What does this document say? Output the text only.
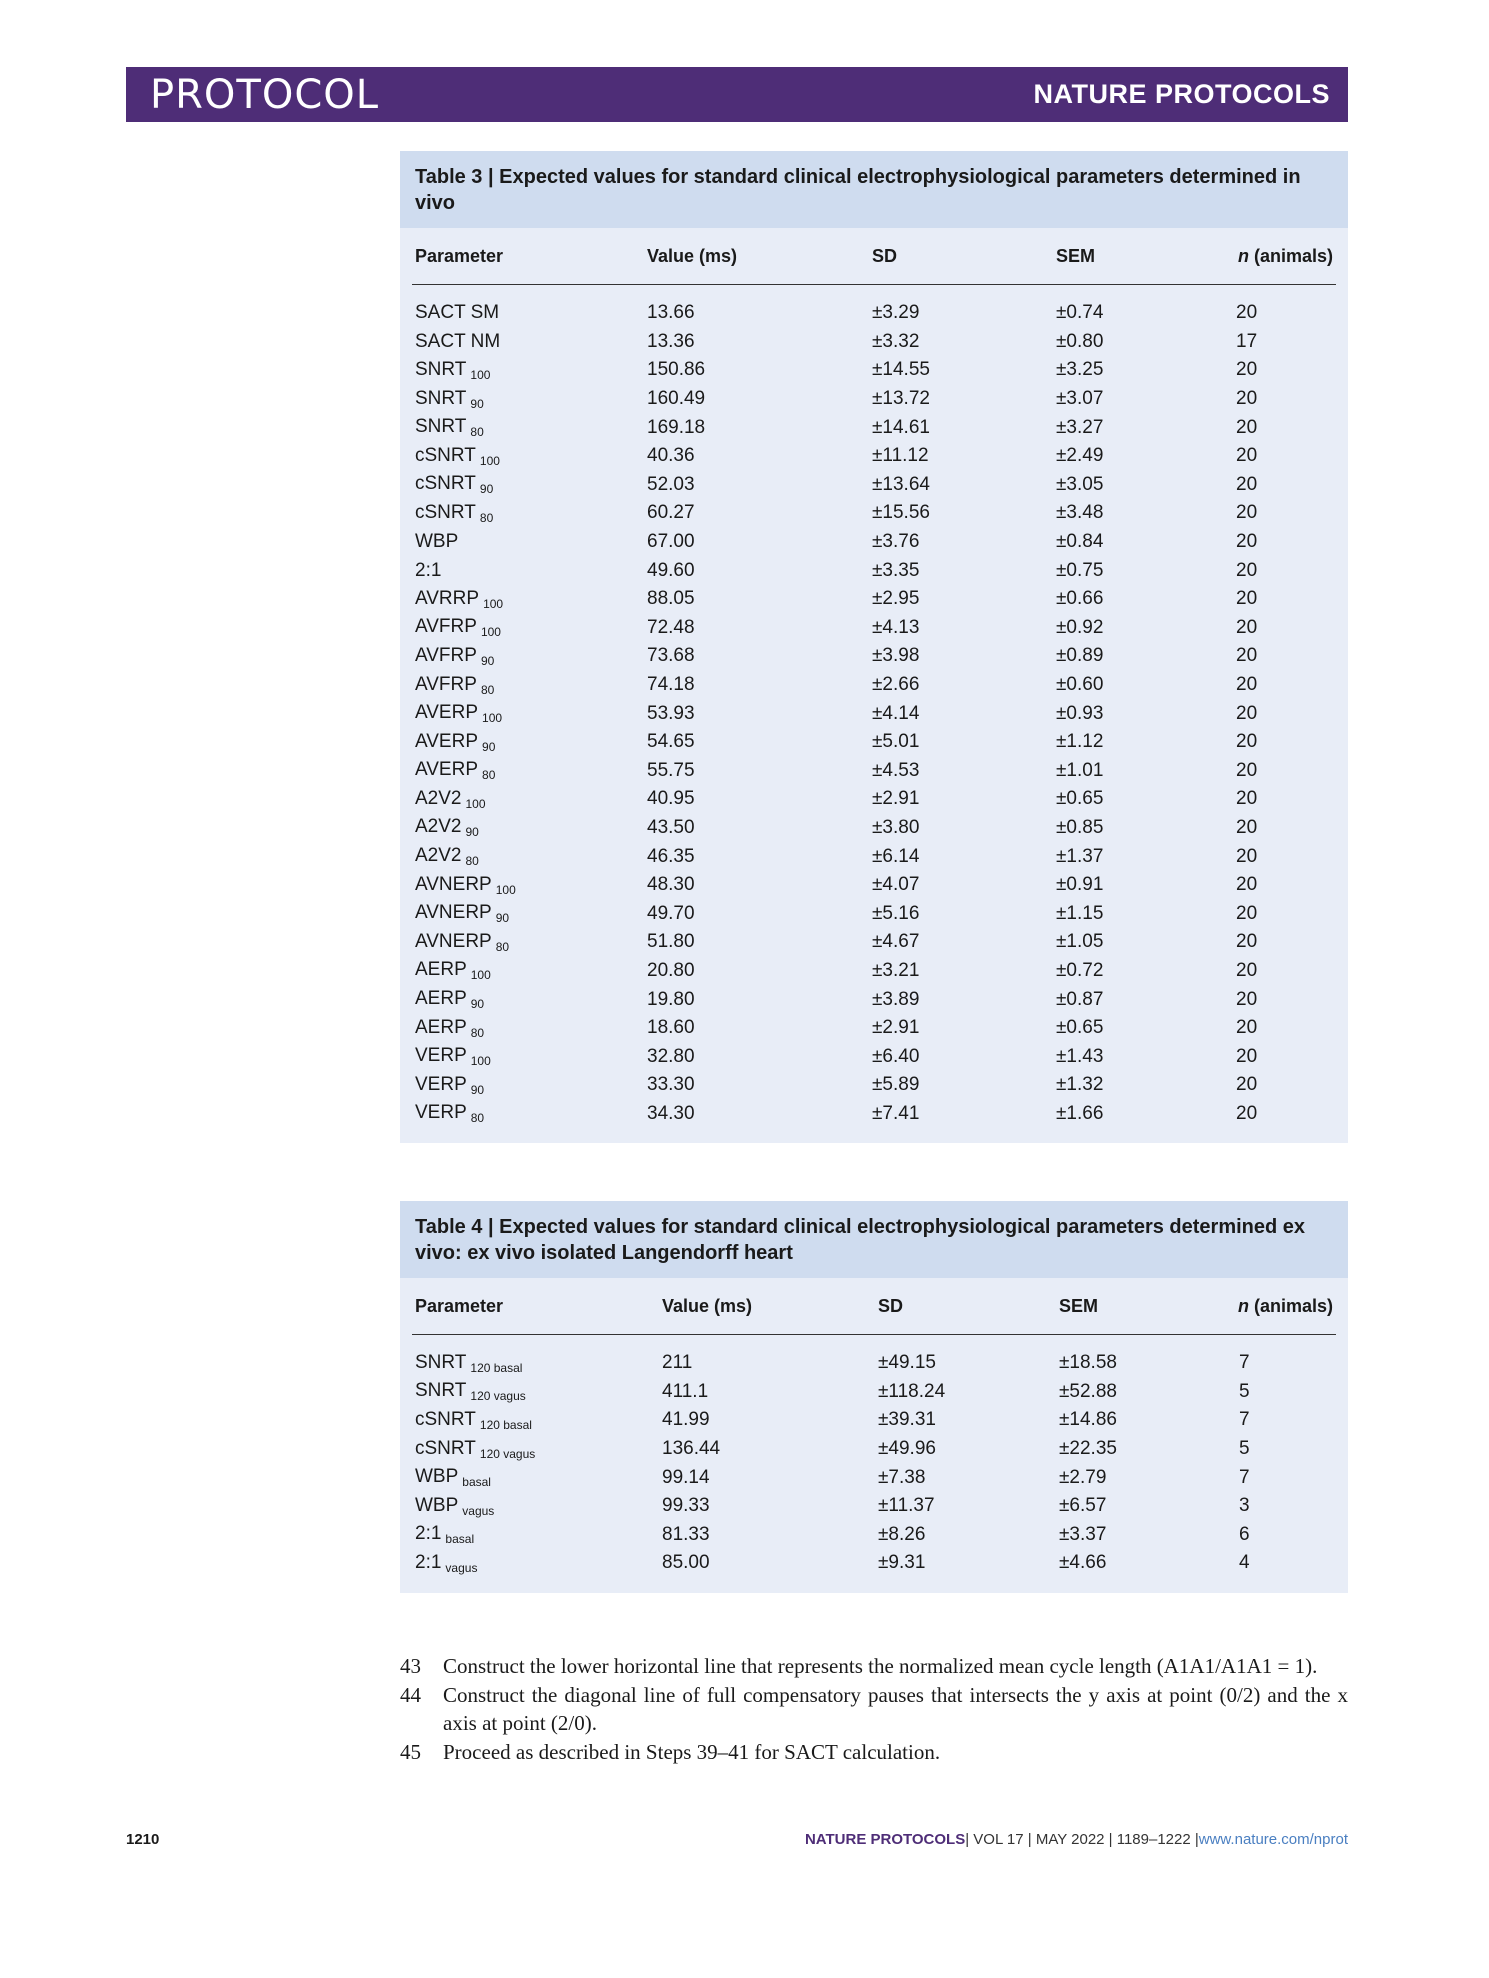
PROTOCOL	NATURE PROTOCOLS
Table 3 | Expected values for standard clinical electrophysiological parameters determined in vivo
Parameter	Value (ms)	SD	SEM	n (animals)
SACT SM	13.66	±3.29	±0.74	20
SACT NM	13.36	±3.32	±0.80	17
SNRT $_{100}$	150.86	±14.55	±3.25	20
SNRT $_{90}$	160.49	±13.72	±3.07	20
SNRT $_{80}$	169.18	±14.61	±3.27	20
cSNRT $_{100}$	40.36	±11.12	±2.49	20
cSNRT $_{90}$	52.03	±13.64	±3.05	20
cSNRT $_{80}$	60.27	±15.56	±3.48	20
WBP	67.00	±3.76	±0.84	20
2:1	49.60	±3.35	±0.75	20
AVRRP $_{100}$	88.05	±2.95	±0.66	20
AVFRP $_{100}$	72.48	±4.13	±0.92	20
AVFRP $_{90}$	73.68	±3.98	±0.89	20
AVFRP $_{80}$	74.18	±2.66	±0.60	20
AVERP $_{100}$	53.93	±4.14	±0.93	20
AVERP $_{90}$	54.65	±5.01	±1.12	20
AVERP $_{80}$	55.75	±4.53	±1.01	20
A2V2 $_{100}$	40.95	±2.91	±0.65	20
A2V2 $_{90}$	43.50	±3.80	±0.85	20
A2V2 $_{80}$	46.35	±6.14	±1.37	20
AVNERP $_{100}$	48.30	±4.07	±0.91	20
AVNERP $_{90}$	49.70	±5.16	±1.15	20
AVNERP $_{80}$	51.80	±4.67	±1.05	20
AERP $_{100}$	20.80	±3.21	±0.72	20
AERP $_{90}$	19.80	±3.89	±0.87	20
AERP $_{80}$	18.60	±2.91	±0.65	20
VERP $_{100}$	32.80	±6.40	±1.43	20
VERP $_{90}$	33.30	±5.89	±1.32	20
VERP $_{80}$	34.30	±7.41	±1.66	20
Table 4 | Expected values for standard clinical electrophysiological parameters determined ex vivo: ex vivo isolated Langendorff heart
Parameter	Value (ms)	SD	SEM	n (animals)
SNRT $_{120 basal}$	211	±49.15	±18.58	7
SNRT $_{120 vagus}$	411.1	±118.24	±52.88	5
cSNRT $_{120 basal}$	41.99	±39.31	±14.86	7
cSNRT $_{120 vagus}$	136.44	±49.96	±22.35	5
WBP $_{basal}$	99.14	±7.38	±2.79	7
WBP $_{vagus}$	99.33	±11.37	±6.57	3
2:1 $_{basal}$	81.33	±8.26	±3.37	6
2:1 $_{vagus}$	85.00	±9.31	±4.66	4
43	Construct the lower horizontal line that represents the normalized mean cycle length (A1A1/A1A1 = 1).
44	Construct the diagonal line of full compensatory pauses that intersects the y axis at point (0/2) and the x axis at point (2/0).
45	Proceed as described in Steps 39–41 for SACT calculation.
1210	NATURE PROTOCOLS| VOL 17 | MAY 2022 | 1189–1222 |www.nature.com/nprot
